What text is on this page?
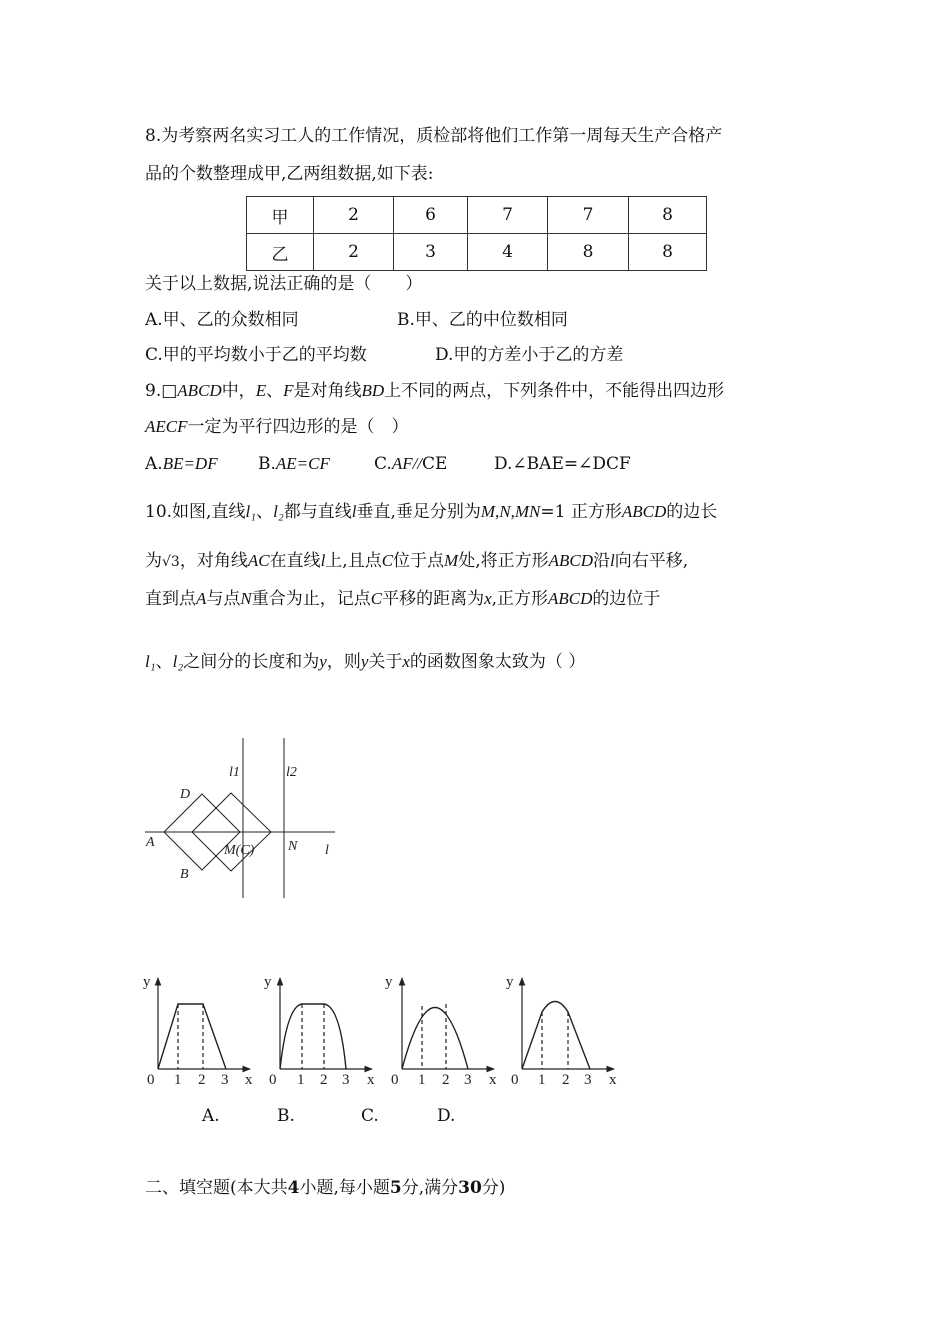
8.为考察两名实习工人的工作情况，质检部将他们工作第一周每天生产合格产
品的个数整理成甲,乙两组数据,如下表:
甲	2	6	7	7	8
乙	2	3	4	8	8
关于以上数据,说法正确的是（　　）
A.甲、乙的众数相同	B.甲、乙的中位数相同
C.甲的平均数小于乙的平均数	D.甲的方差小于乙的方差
9.□ABCD中，E、F是对角线BD上不同的两点，下列条件中，不能得出四边形
AECF一定为平行四边形的是（　）
A.BE=DF B.AE=CF	C.AF//CE	D.∠BAE=∠DCF
10.如图,直线l₁、l₂都与直线l垂直,垂足分别为M,N,MN=1 正方形ABCD的边长
为√3，对角线AC在直线l上,且点C位于点M处,将正方形ABCD沿l向右平移,
直到点A与点N重合为止，记点C平移的距离为x,正方形ABCD的边位于
l₁、l₂之间分的长度和为y，则y关于x的函数图象太致为（ ）
l1	l2
D
A
B
M(C) N l
y
0 1 2 3 x
y
0 1 2 3 x
y
0 1 2 3 x
y
0 1 2 3 x
A.	B.	C.	D.
二、填空题(本大共4小题,每小题5分,满分30分)
